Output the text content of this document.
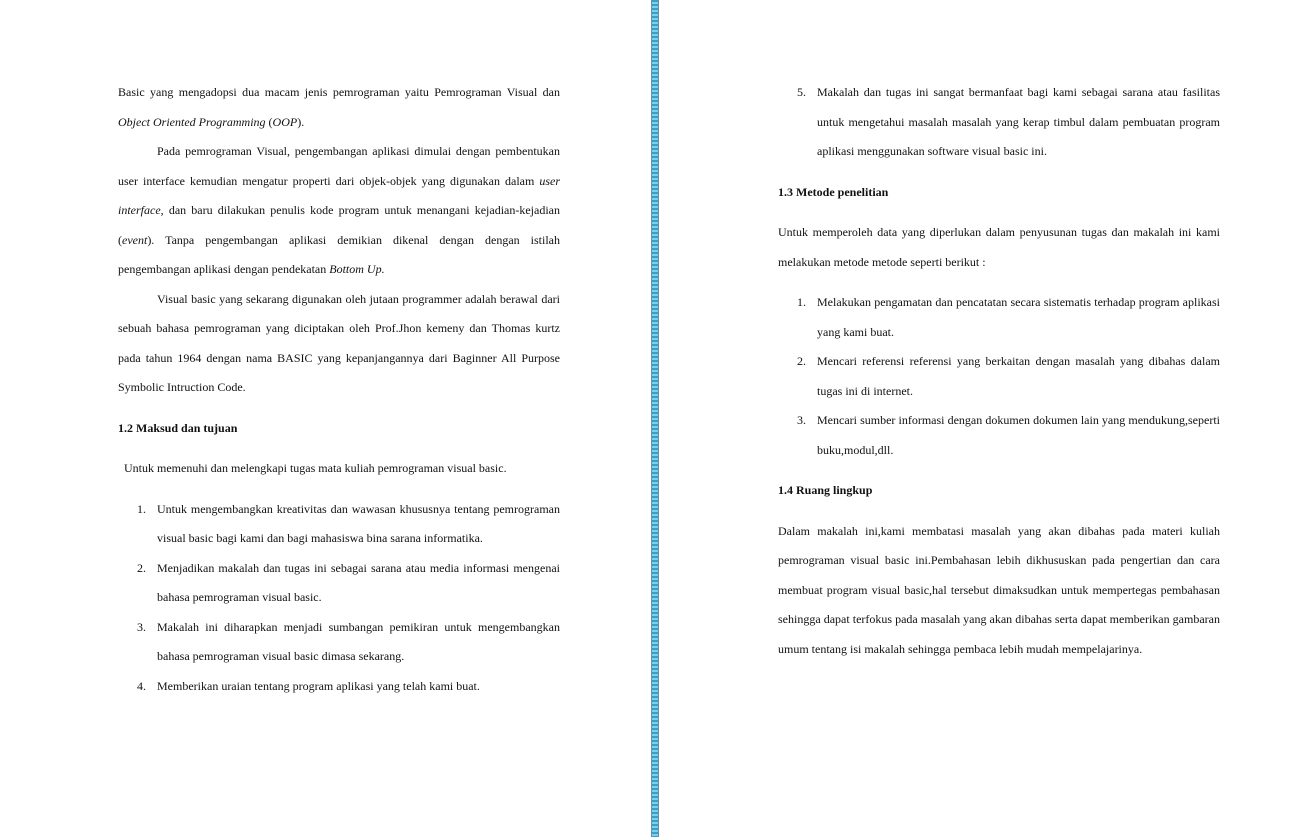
Basic yang mengadopsi dua macam jenis pemrograman yaitu Pemrograman Visual dan Object Oriented Programming (OOP).

Pada pemrograman Visual, pengembangan aplikasi dimulai dengan pembentukan user interface kemudian mengatur properti dari objek-objek yang digunakan dalam user interface, dan baru dilakukan penulis kode program untuk menangani kejadian-kejadian (event). Tanpa pengembangan aplikasi demikian dikenal dengan dengan istilah pengembangan aplikasi dengan pendekatan Bottom Up.

Visual basic yang sekarang digunakan oleh jutaan programmer adalah berawal dari sebuah bahasa pemrograman yang diciptakan oleh Prof.Jhon kemeny dan Thomas kurtz pada tahun 1964 dengan nama BASIC yang kepanjangannya dari Baginner All Purpose Symbolic Intruction Code.

1.2 Maksud dan tujuan

Untuk memenuhi dan melengkapi tugas mata kuliah pemrograman visual basic.

1. Untuk mengembangkan kreativitas dan wawasan khususnya tentang pemrograman visual basic bagi kami dan bagi mahasiswa bina sarana informatika.
2. Menjadikan makalah dan tugas ini sebagai sarana atau media informasi mengenai bahasa pemrograman visual basic.
3. Makalah ini diharapkan menjadi sumbangan pemikiran untuk mengembangkan bahasa pemrograman visual basic dimasa sekarang.
4. Memberikan uraian tentang program aplikasi yang telah kami buat.
5. Makalah dan tugas ini sangat bermanfaat bagi kami sebagai sarana atau fasilitas untuk mengetahui masalah masalah yang kerap timbul dalam pembuatan program aplikasi menggunakan software visual basic ini.
1.3 Metode penelitian

Untuk memperoleh data yang diperlukan dalam penyusunan tugas dan makalah ini kami melakukan metode metode seperti berikut :

1. Melakukan pengamatan dan pencatatan secara sistematis terhadap program aplikasi yang kami buat.
2. Mencari referensi referensi yang berkaitan dengan masalah yang dibahas dalam tugas ini di internet.
3. Mencari sumber informasi dengan dokumen dokumen lain yang mendukung,seperti buku,modul,dll.
1.4 Ruang lingkup

Dalam makalah ini,kami membatasi masalah yang akan dibahas pada materi kuliah pemrograman visual basic ini.Pembahasan lebih dikhususkan pada pengertian dan cara membuat program visual basic,hal tersebut dimaksudkan untuk mempertegas pembahasan sehingga dapat terfokus pada masalah yang akan dibahas serta dapat memberikan gambaran umum tentang isi makalah sehingga pembaca lebih mudah mempelajarinya.
